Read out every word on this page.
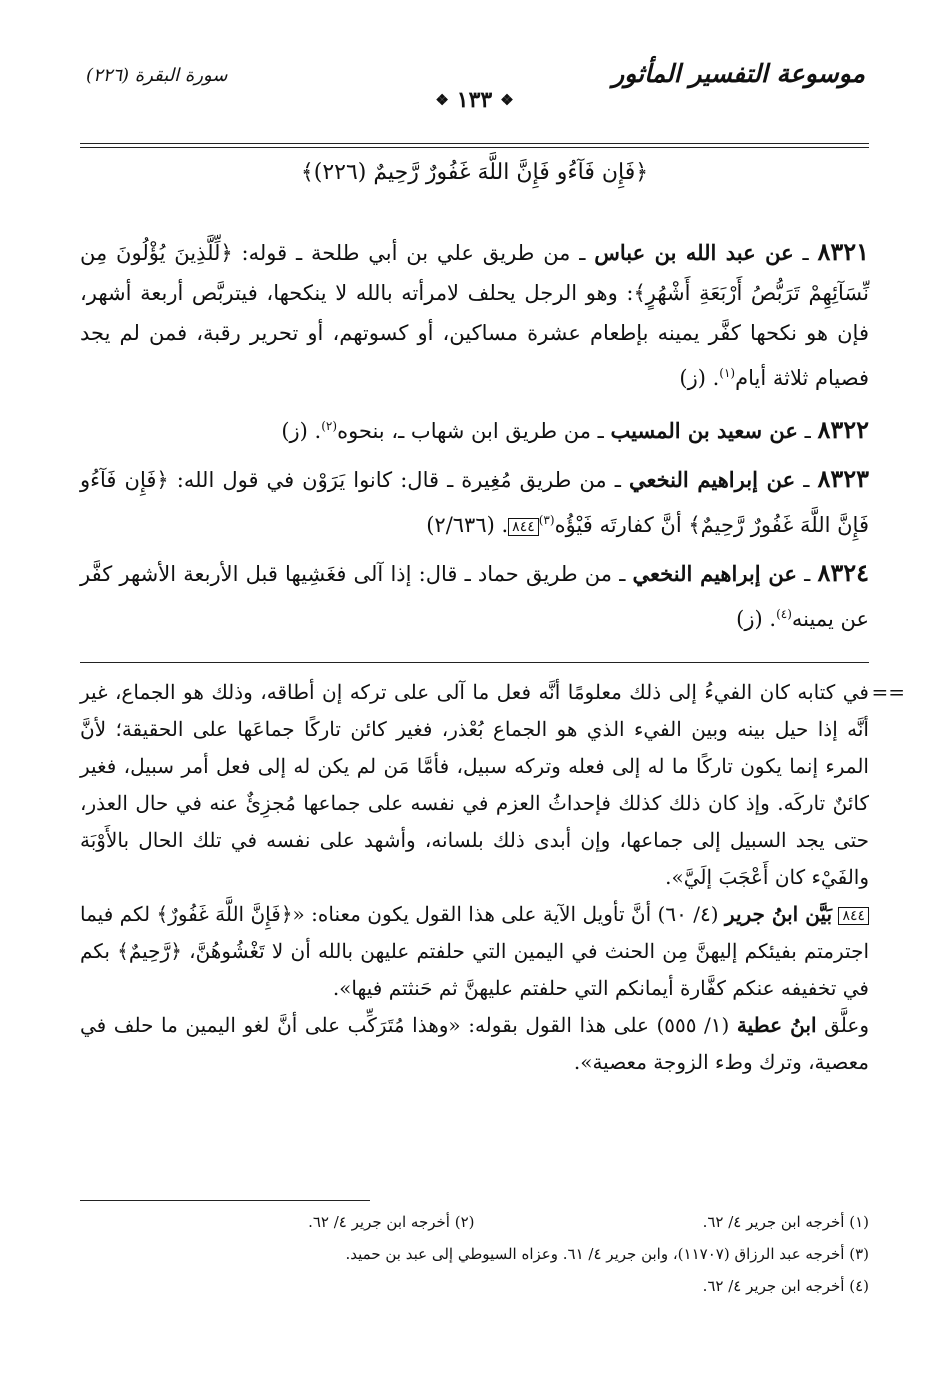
موسوعة التفسير المأثور
سورة البقرة (٢٢٦)
❖
١٣٣
❖
﴿فَإِن فَآءُو فَإِنَّ اللَّهَ غَفُورٌ رَّحِيمٌ (٢٢٦)﴾

٨٣٢١ ـ عن عبد الله بن عباس ـ من طريق علي بن أبي طلحة ـ قوله: ﴿لِّلَّذِينَ يُؤْلُونَ مِن نِّسَآئِهِمْ تَرَبُّصُ أَرْبَعَةِ أَشْهُرٍ﴾: وهو الرجل يحلف لامرأته بالله لا ينكحها، فيتربَّص أربعة أشهر، فإن هو نكحها كفَّر يمينه بإطعام عشرة مساكين، أو كسوتهم، أو تحرير رقبة، فمن لم يجد فصيام ثلاثة أيام$^{(١)}$. (ز)

٨٣٢٢ ـ عن سعيد بن المسيب ـ من طريق ابن شهاب ـ، بنحوه$^{(٢)}$. (ز)

٨٣٢٣ ـ عن إبراهيم النخعي ـ من طريق مُغِيرة ـ قال: كانوا يَرَوْن في قول الله: ﴿فَإِن فَآءُو فَإِنَّ اللَّهَ غَفُورٌ رَّحِيمٌ﴾ أنَّ كفارتَه فَيْؤُه$^{(٣)}$٨٤٤. (٢/٦٣٦)

٨٣٢٤ ـ عن إبراهيم النخعي ـ من طريق حماد ـ قال: إذا آلى فغَشِيها قبل الأربعة الأشهر كفَّر عن يمينه$^{(٤)}$. (ز)

==

في كتابه كان الفيءُ إلى ذلك معلومًا أنَّه فعل ما آلى على تركه إن أطاقه، وذلك هو الجماع، غير أنَّه إذا حيل بينه وبين الفيء الذي هو الجماع بُعْذر، فغير كائن تاركًا جماعَها على الحقيقة؛ لأنَّ المرء إنما يكون تاركًا ما له إلى فعله وتركه سبيل، فأمَّا مَن لم يكن له إلى فعل أمر سبيل، فغير كائنٌ تاركَه. وإذ كان ذلك كذلك فإحداثُ العزم في نفسه على جماعها مُجزِئٌ عنه في حال العذر، حتى يجد السبيل إلى جماعها، وإن أبدى ذلك بلسانه، وأشهد على نفسه في تلك الحال بالأَوْبَة والفَيْء كان أَعْجَبَ إلَيَّ».

٨٤٤ بَيَّن ابنُ جرير (٤/ ٦٠) أنَّ تأويل الآية على هذا القول يكون معناه: «﴿فَإِنَّ اللَّهَ غَفُورٌ﴾ لكم فيما اجترمتم بفيئكم إليهنَّ مِن الحنث في اليمين التي حلفتم عليهن بالله أن لا تَغْشُوهُنَّ، ﴿رَّحِيمٌ﴾ بكم في تخفيفه عنكم كفَّارة أيمانكم التي حلفتم عليهنَّ ثم حَنثتم فيها».

وعلَّق ابنُ عطية (١/ ٥٥٥) على هذا القول بقوله: «وهذا مُتَرَكِّب على أنَّ لغو اليمين ما حلف في معصية، وترك وطء الزوجة معصية».

(١) أخرجه ابن جرير ٤/ ٦٢.
(٢) أخرجه ابن جرير ٤/ ٦٢.
(٣) أخرجه عبد الرزاق (١١٧٠٧)، وابن جرير ٤/ ٦١. وعزاه السيوطي إلى عبد بن حميد.
(٤) أخرجه ابن جرير ٤/ ٦٢.
